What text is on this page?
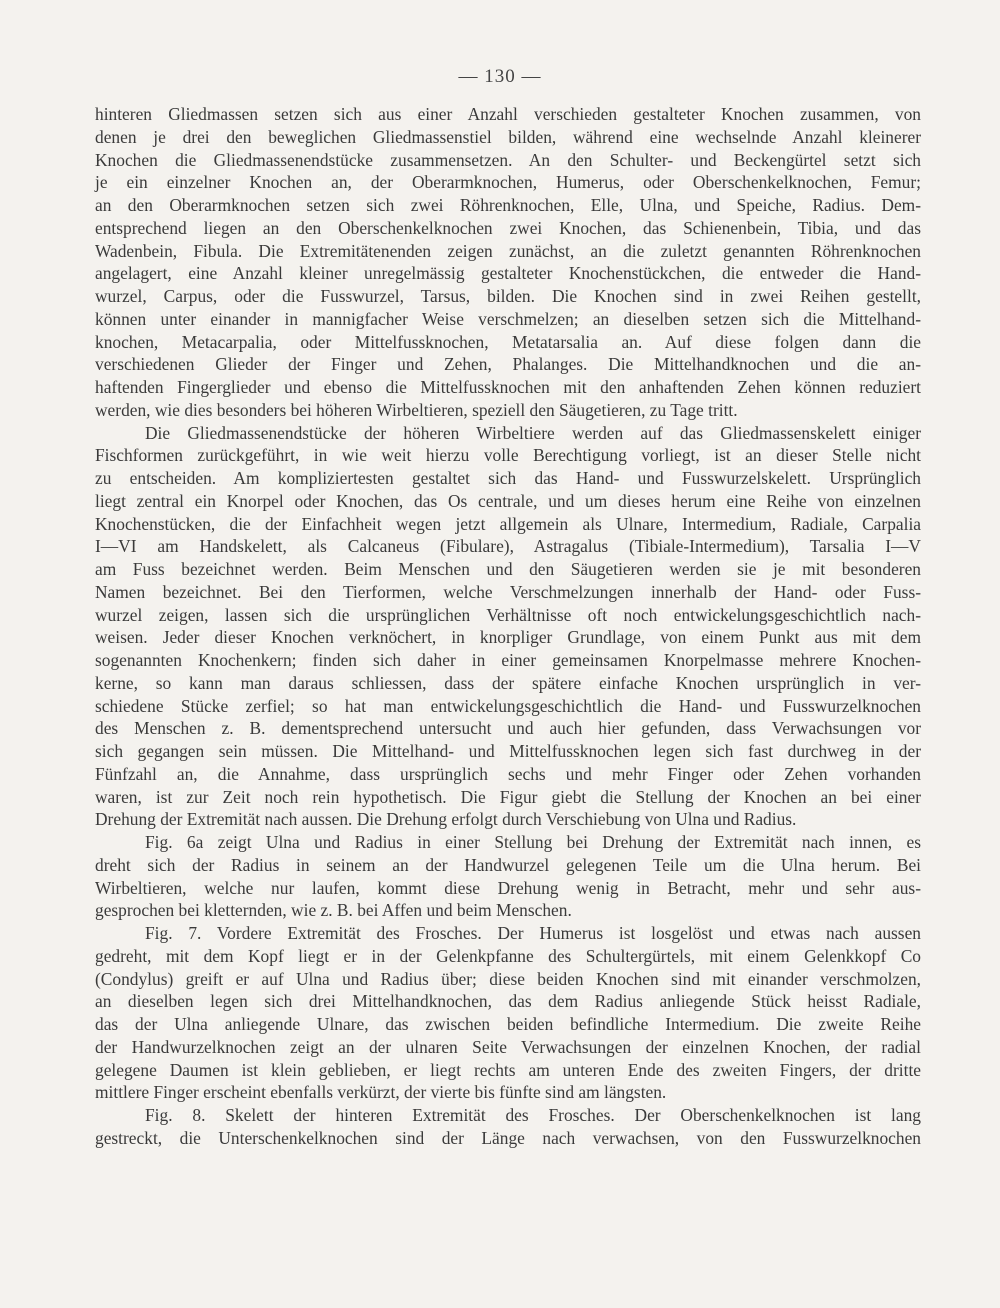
— 130 —
hinteren Gliedmassen setzen sich aus einer Anzahl verschieden gestalteter Knochen zusammen, von
denen je drei den beweglichen Gliedmassenstiel bilden, während eine wechselnde Anzahl kleinerer
Knochen die Gliedmassenendstücke zusammensetzen. An den Schulter- und Beckengürtel setzt sich
je ein einzelner Knochen an, der Oberarmknochen, Humerus, oder Oberschenkelknochen, Femur;
an den Oberarmknochen setzen sich zwei Röhrenknochen, Elle, Ulna, und Speiche, Radius. Dem-
entsprechend liegen an den Oberschenkelknochen zwei Knochen, das Schienenbein, Tibia, und das
Wadenbein, Fibula. Die Extremitätenenden zeigen zunächst, an die zuletzt genannten Röhrenknochen
angelagert, eine Anzahl kleiner unregelmässig gestalteter Knochenstückchen, die entweder die Hand-
wurzel, Carpus, oder die Fusswurzel, Tarsus, bilden. Die Knochen sind in zwei Reihen gestellt,
können unter einander in mannigfacher Weise verschmelzen; an dieselben setzen sich die Mittelhand-
knochen, Metacarpalia, oder Mittelfussknochen, Metatarsalia an. Auf diese folgen dann die
verschiedenen Glieder der Finger und Zehen, Phalanges. Die Mittelhandknochen und die an-
haftenden Fingerglieder und ebenso die Mittelfussknochen mit den anhaftenden Zehen können reduziert
werden, wie dies besonders bei höheren Wirbeltieren, speziell den Säugetieren, zu Tage tritt.
Die Gliedmassenendstücke der höheren Wirbeltiere werden auf das Gliedmassenskelett einiger
Fischformen zurückgeführt, in wie weit hierzu volle Berechtigung vorliegt, ist an dieser Stelle nicht
zu entscheiden. Am kompliziertesten gestaltet sich das Hand- und Fusswurzelskelett. Ursprünglich
liegt zentral ein Knorpel oder Knochen, das Os centrale, und um dieses herum eine Reihe von einzelnen
Knochenstücken, die der Einfachheit wegen jetzt allgemein als Ulnare, Intermedium, Radiale, Carpalia
I—VI am Handskelett, als Calcaneus (Fibulare), Astragalus (Tibiale-Intermedium), Tarsalia I—V
am Fuss bezeichnet werden. Beim Menschen und den Säugetieren werden sie je mit besonderen
Namen bezeichnet. Bei den Tierformen, welche Verschmelzungen innerhalb der Hand- oder Fuss-
wurzel zeigen, lassen sich die ursprünglichen Verhältnisse oft noch entwickelungsgeschichtlich nach-
weisen. Jeder dieser Knochen verknöchert, in knorpliger Grundlage, von einem Punkt aus mit dem
sogenannten Knochenkern; finden sich daher in einer gemeinsamen Knorpelmasse mehrere Knochen-
kerne, so kann man daraus schliessen, dass der spätere einfache Knochen ursprünglich in ver-
schiedene Stücke zerfiel; so hat man entwickelungsgeschichtlich die Hand- und Fusswurzelknochen
des Menschen z. B. dementsprechend untersucht und auch hier gefunden, dass Verwachsungen vor
sich gegangen sein müssen. Die Mittelhand- und Mittelfussknochen legen sich fast durchweg in der
Fünfzahl an, die Annahme, dass ursprünglich sechs und mehr Finger oder Zehen vorhanden
waren, ist zur Zeit noch rein hypothetisch. Die Figur giebt die Stellung der Knochen an bei einer
Drehung der Extremität nach aussen. Die Drehung erfolgt durch Verschiebung von Ulna und Radius.
Fig. 6a zeigt Ulna und Radius in einer Stellung bei Drehung der Extremität nach innen, es
dreht sich der Radius in seinem an der Handwurzel gelegenen Teile um die Ulna herum. Bei
Wirbeltieren, welche nur laufen, kommt diese Drehung wenig in Betracht, mehr und sehr aus-
gesprochen bei kletternden, wie z. B. bei Affen und beim Menschen.
Fig. 7. Vordere Extremität des Frosches. Der Humerus ist losgelöst und etwas nach aussen
gedreht, mit dem Kopf liegt er in der Gelenkpfanne des Schultergürtels, mit einem Gelenkkopf Co
(Condylus) greift er auf Ulna und Radius über; diese beiden Knochen sind mit einander verschmolzen,
an dieselben legen sich drei Mittelhandknochen, das dem Radius anliegende Stück heisst Radiale,
das der Ulna anliegende Ulnare, das zwischen beiden befindliche Intermedium. Die zweite Reihe
der Handwurzelknochen zeigt an der ulnaren Seite Verwachsungen der einzelnen Knochen, der radial
gelegene Daumen ist klein geblieben, er liegt rechts am unteren Ende des zweiten Fingers, der dritte
mittlere Finger erscheint ebenfalls verkürzt, der vierte bis fünfte sind am längsten.
Fig. 8. Skelett der hinteren Extremität des Frosches. Der Oberschenkelknochen ist lang
gestreckt, die Unterschenkelknochen sind der Länge nach verwachsen, von den Fusswurzelknochen
